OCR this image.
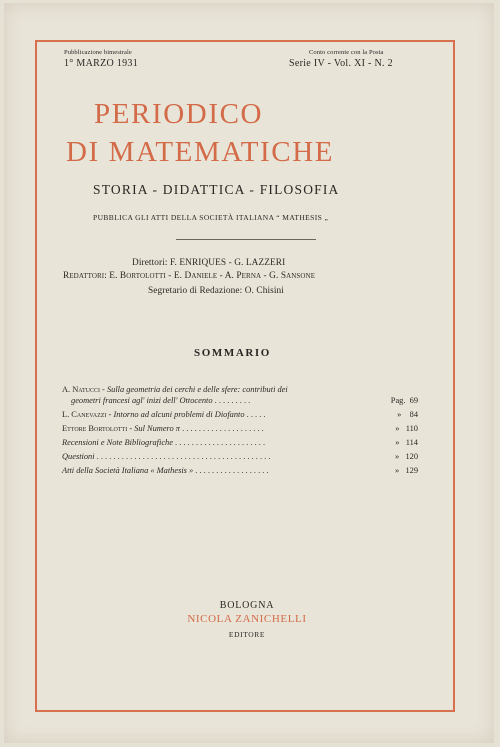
Pubblicazione bimestrale
1° MARZO 1931
Conto corrente con la Posta
Serie IV - Vol. XI - N. 2
PERIODICO
DI MATEMATICHE
STORIA - DIDATTICA - FILOSOFIA
PUBBLICA GLI ATTI DELLA SOCIETÀ ITALIANA “ MATHESIS „
Direttori: F. ENRIQUES - G. LAZZERI
Redattori: E. Bortolotti - E. Daniele - A. Perna - G. Sansone
Segretario di Redazione: O. Chisini
SOMMARIO
A. Natucci - Sulla geometria dei cerchi e delle sfere: contributi dei
geometri francesi agl' inizi dell' Ottocento . . . . . . . . .	Pag. 69
L. Canevazzi - Intorno ad alcuni problemi di Diofanto . . . . .	» 84
Ettore Bortolotti - Sul Numero π . . . . . . . . . . . . . . . . . . . .	» 110
Recensioni e Note Bibliografiche . . . . . . . . . . . . . . . . . . . . . .	» 114
Questioni . . . . . . . . . . . . . . . . . . . . . . . . . . . . . . . . . . . . . . . . . .	» 120
Atti della Società Italiana « Mathesis » . . . . . . . . . . . . . . . . . .	» 129
BOLOGNA
NICOLA ZANICHELLI
EDITORE
